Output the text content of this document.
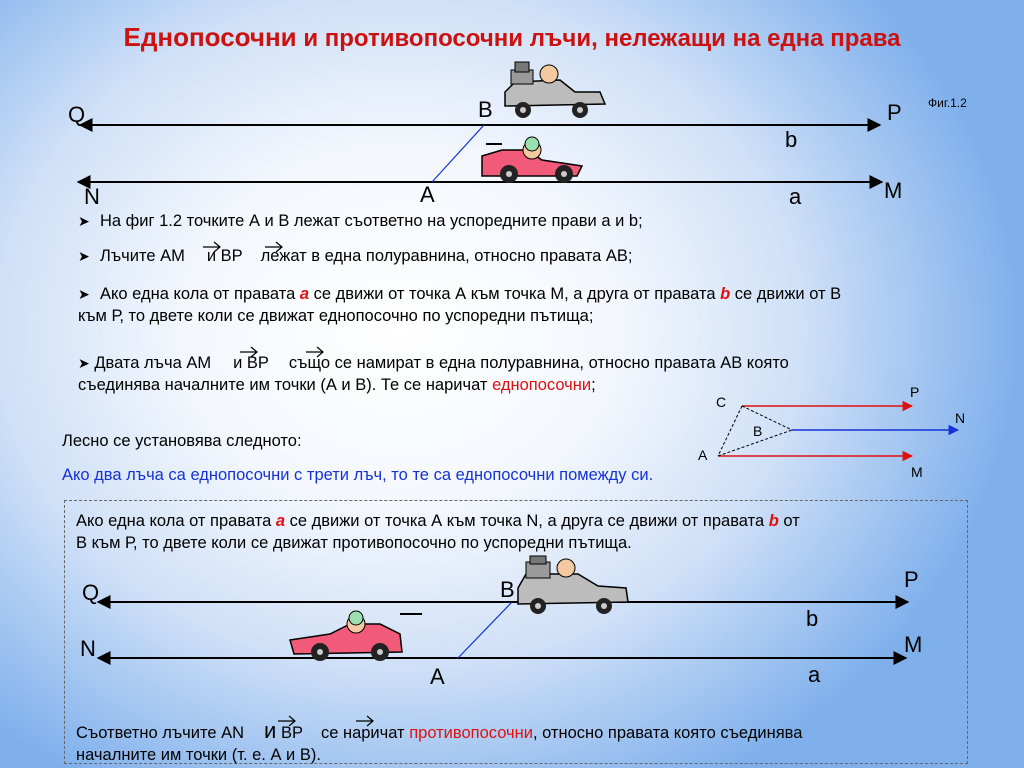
Еднопосочни и противопосочни лъчи, нележащи на една права
Фиг.1.2
Q	B	P
b
N	A	a	M
➤ На фиг 1.2 точките А и В лежат съответно на успоредните прави а и b;
➤ Лъчите АМ и ВР лежат в една полуравнина, относно правата АВ;
➤ Ако една кола от правата а се движи от точка А към точка М, а друга от правата b се движи от В
към Р, то двете коли се движат еднопосочно по успоредни пътища;
➤ Двата лъча АМ и ВР също се намират в една полуравнина, относно правата АВ която
съединява началните им точки (А и В). Те се наричат еднопосочни;
Лесно се установява следното:
Ако два лъча са еднопосочни с трети лъч, то те са еднопосочни помежду си.
C
P
N
B
A
M
Ако една кола от правата а се движи от точка А към точка N, а друга се движи от правата b от
В към Р, то двете коли се движат противопосочно по успоредни пътища.
Q	B	P
b
N	M
A	a
Съответно лъчите АN и ВР се наричат противопосочни, относно правата която съединява
началните им точки (т. е. А и В).
